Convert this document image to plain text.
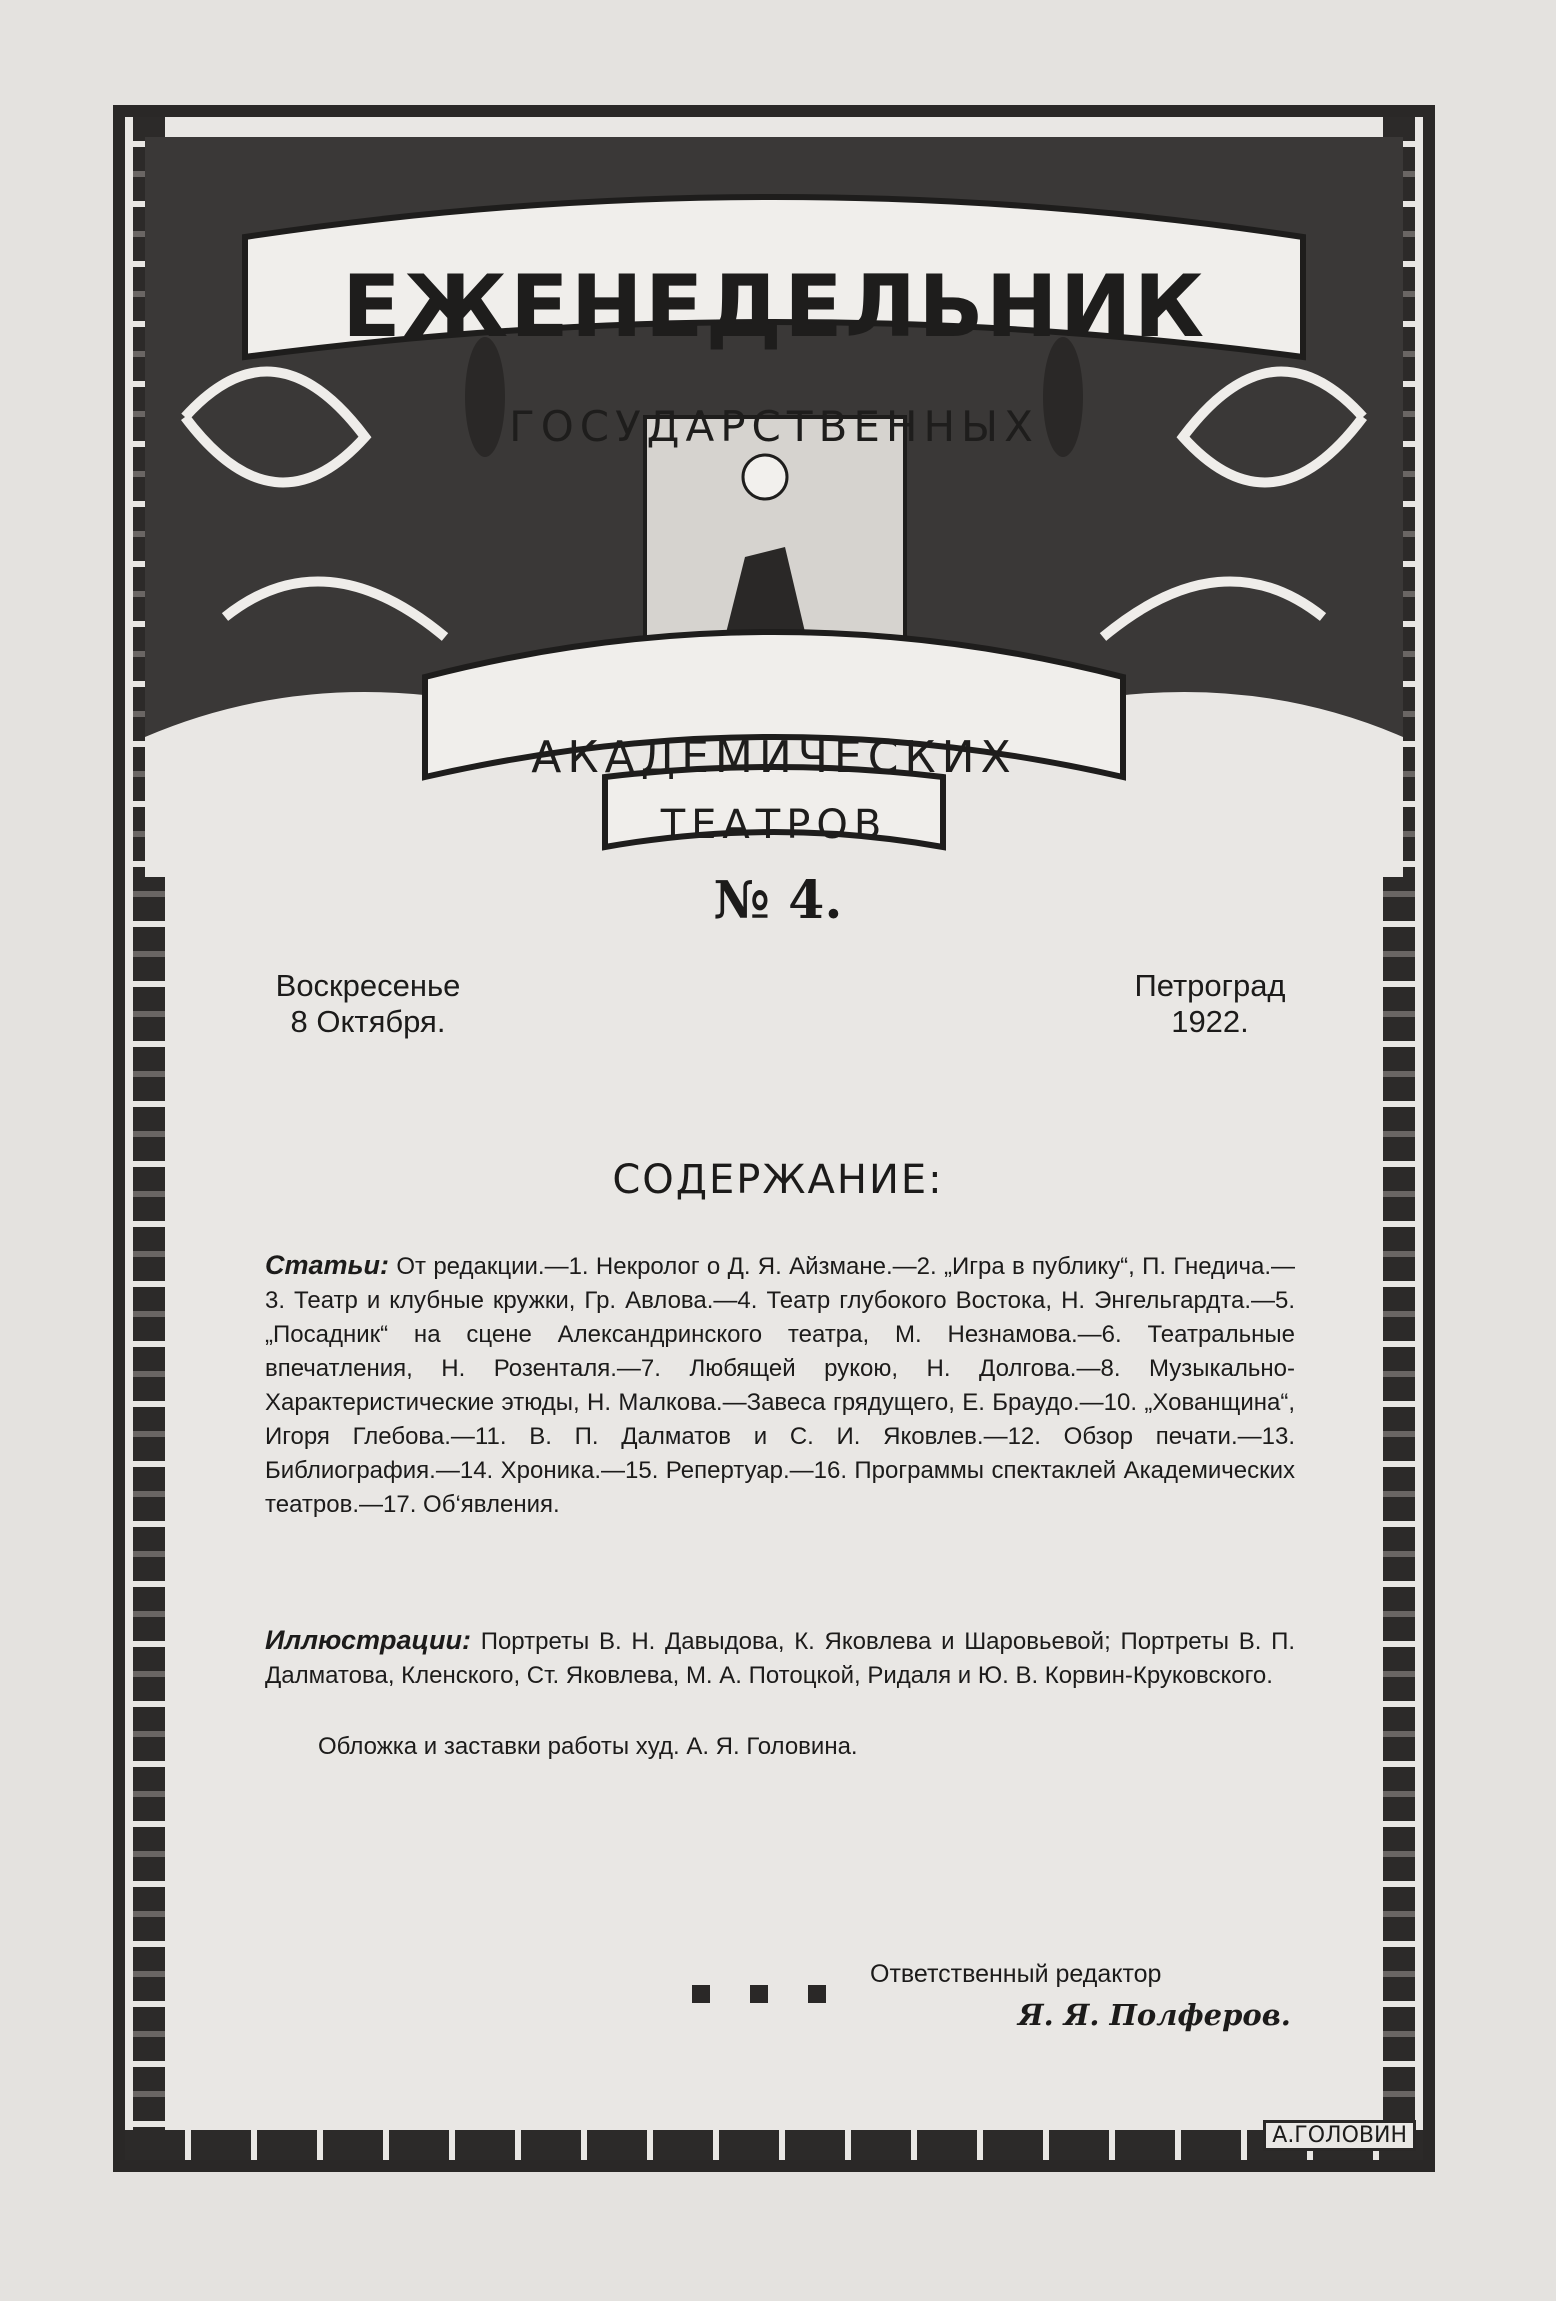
ЕЖЕНЕДЕЛЬНИК
ГОСУДАРСТВЕННЫХ
АКАДЕМИЧЕСКИХ
ТЕАТРОВ
№ 4.
Воскресенье
8 Октября.
Петроград
1922.
СОДЕРЖАНИЕ:
Статьи: От редакции.—1. Некролог о Д. Я. Айзмане.—2. „Игра в публику“, П. Гнедича.—3. Театр и клубные кружки, Гр. Авлова.—4. Театр глубокого Востока, Н. Энгельгардта.—5. „Посадник“ на сцене Александринского театра, М. Незнамова.—6. Театральные впечатления, Н. Розенталя.—7. Любящей рукою, Н. Долгова.—8. Музыкально-Характеристические этюды, Н. Малкова.—Завеса грядущего, Е. Браудо.—10. „Хованщина“, Игоря Глебова.—11. В. П. Далматов и С. И. Яковлев.—12. Обзор печати.—13. Библиография.—14. Хроника.—15. Репертуар.—16. Программы спектаклей Академических театров.—17. Об‘явления.
Иллюстрации: Портреты В. Н. Давыдова, К. Яковлева и Шаровьевой; Портреты В. П. Далматова, Кленского, Ст. Яковлева, М. А. Потоцкой, Ридаля и Ю. В. Корвин-Круковского.
Обложка и заставки работы худ. А. Я. Головина.
Ответственный редактор
Я. Я. Полферов.
А.ГОЛОВИН
